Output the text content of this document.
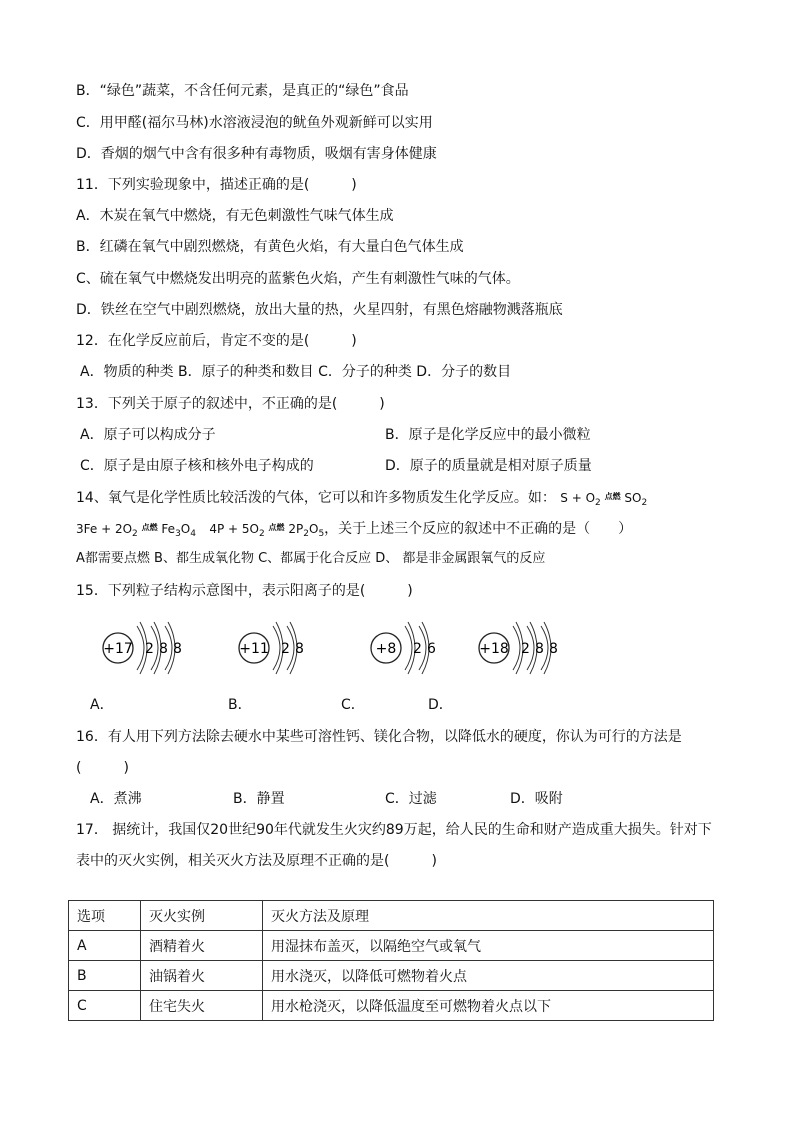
B．“绿色”蔬菜，不含任何元素，是真正的“绿色”食品
C．用甲醛(福尔马林)水溶液浸泡的鱿鱼外观新鲜可以实用
D．香烟的烟气中含有很多种有毒物质，吸烟有害身体健康
11．下列实验现象中，描述正确的是(　　　)
A．木炭在氧气中燃烧，有无色刺激性气味气体生成
B．红磷在氧气中剧烈燃烧，有黄色火焰，有大量白色气体生成
C、硫在氧气中燃烧发出明亮的蓝紫色火焰，产生有刺激性气味的气体。
D．铁丝在空气中剧烈燃烧，放出大量的热，火星四射，有黑色熔融物溅落瓶底
12．在化学反应前后，肯定不变的是(　　　)
A．物质的种类 B．原子的种类和数目 C．分子的种类 D．分子的数目
13．下列关于原子的叙述中，不正确的是(　　　)
A．原子可以构成分子	B．原子是化学反应中的最小微粒
C．原子是由原子核和核外电子构成的	D．原子的质量就是相对原子质量
14、氧气是化学性质比较活泼的气体，它可以和许多物质发生化学反应。如： $S + O_2$ $^{点燃}$ $SO_2$
$3Fe + 2O_2$ $^{点燃}$ $Fe_3O_4$ $4P + 5O_2$ $^{点燃}$ $2P_2O_5$，关于上述三个反应的叙述中不正确的是（　　）
A都需要点燃 B、都生成氧化物 C、都属于化合反应 D、 都是非金属跟氧气的反应
15．下列粒子结构示意图中，表示阳离子的是(　　　)
+17 2 8 8	+11 2 8	+8 2 6	+18 2 8 8
A．	B．	C．	D．
16．有人用下列方法除去硬水中某些可溶性钙、镁化合物，以降低水的硬度，你认为可行的方法是
(　　　)
A．煮沸	B．静置	C．过滤	D．吸附
17． 据统计，我国仅20世纪90年代就发生火灾约89万起，给人民的生命和财产造成重大损失。针对下
表中的灭火实例，相关灭火方法及原理不正确的是(　　　)
选项	灭火实例	灭火方法及原理
A	酒精着火	用湿抹布盖灭，以隔绝空气或氧气
B	油锅着火	用水浇灭，以降低可燃物着火点
C	住宅失火	用水枪浇灭，以降低温度至可燃物着火点以下
